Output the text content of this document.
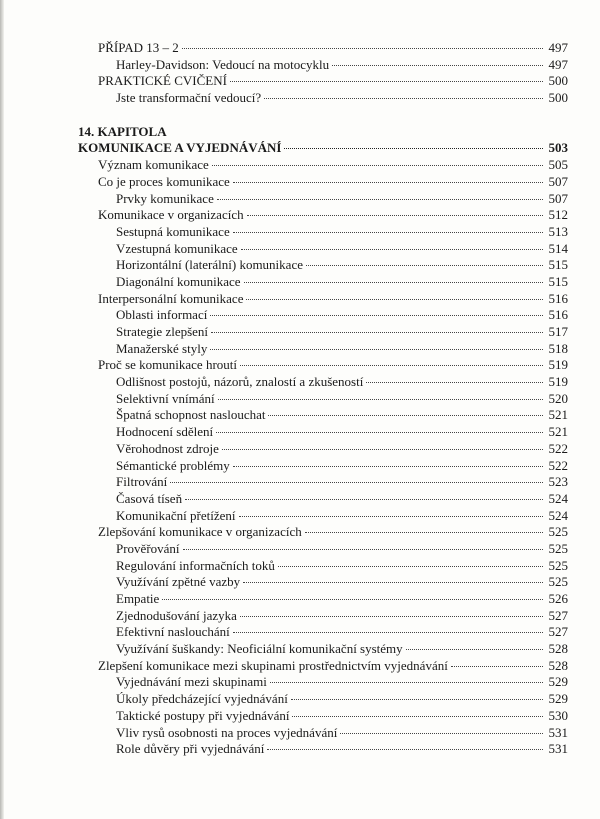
PŘÍPAD 13 – 2	497
Harley-Davidson: Vedoucí na motocyklu	497
PRAKTICKÉ CVIČENÍ	500
Jste transformační vedoucí?	500
14. KAPITOLA
KOMUNIKACE A VYJEDNÁVÁNÍ	503
Význam komunikace	505
Co je proces komunikace	507
Prvky komunikace	507
Komunikace v organizacích	512
Sestupná komunikace	513
Vzestupná komunikace	514
Horizontální (laterální) komunikace	515
Diagonální komunikace	515
Interpersonální komunikace	516
Oblasti informací	516
Strategie zlepšení	517
Manažerské styly	518
Proč se komunikace hroutí	519
Odlišnost postojů, názorů, znalostí a zkušeností	519
Selektivní vnímání	520
Špatná schopnost naslouchat	521
Hodnocení sdělení	521
Věrohodnost zdroje	522
Sémantické problémy	522
Filtrování	523
Časová tíseň	524
Komunikační přetížení	524
Zlepšování komunikace v organizacích	525
Prověřování	525
Regulování informačních toků	525
Využívání zpětné vazby	525
Empatie	526
Zjednodušování jazyka	527
Efektivní naslouchání	527
Využívání šuškandy: Neoficiální komunikační systémy	528
Zlepšení komunikace mezi skupinami prostřednictvím vyjednávání	528
Vyjednávání mezi skupinami	529
Úkoly předcházející vyjednávání	529
Taktické postupy při vyjednávání	530
Vliv rysů osobnosti na proces vyjednávání	531
Role důvěry při vyjednávání	531
